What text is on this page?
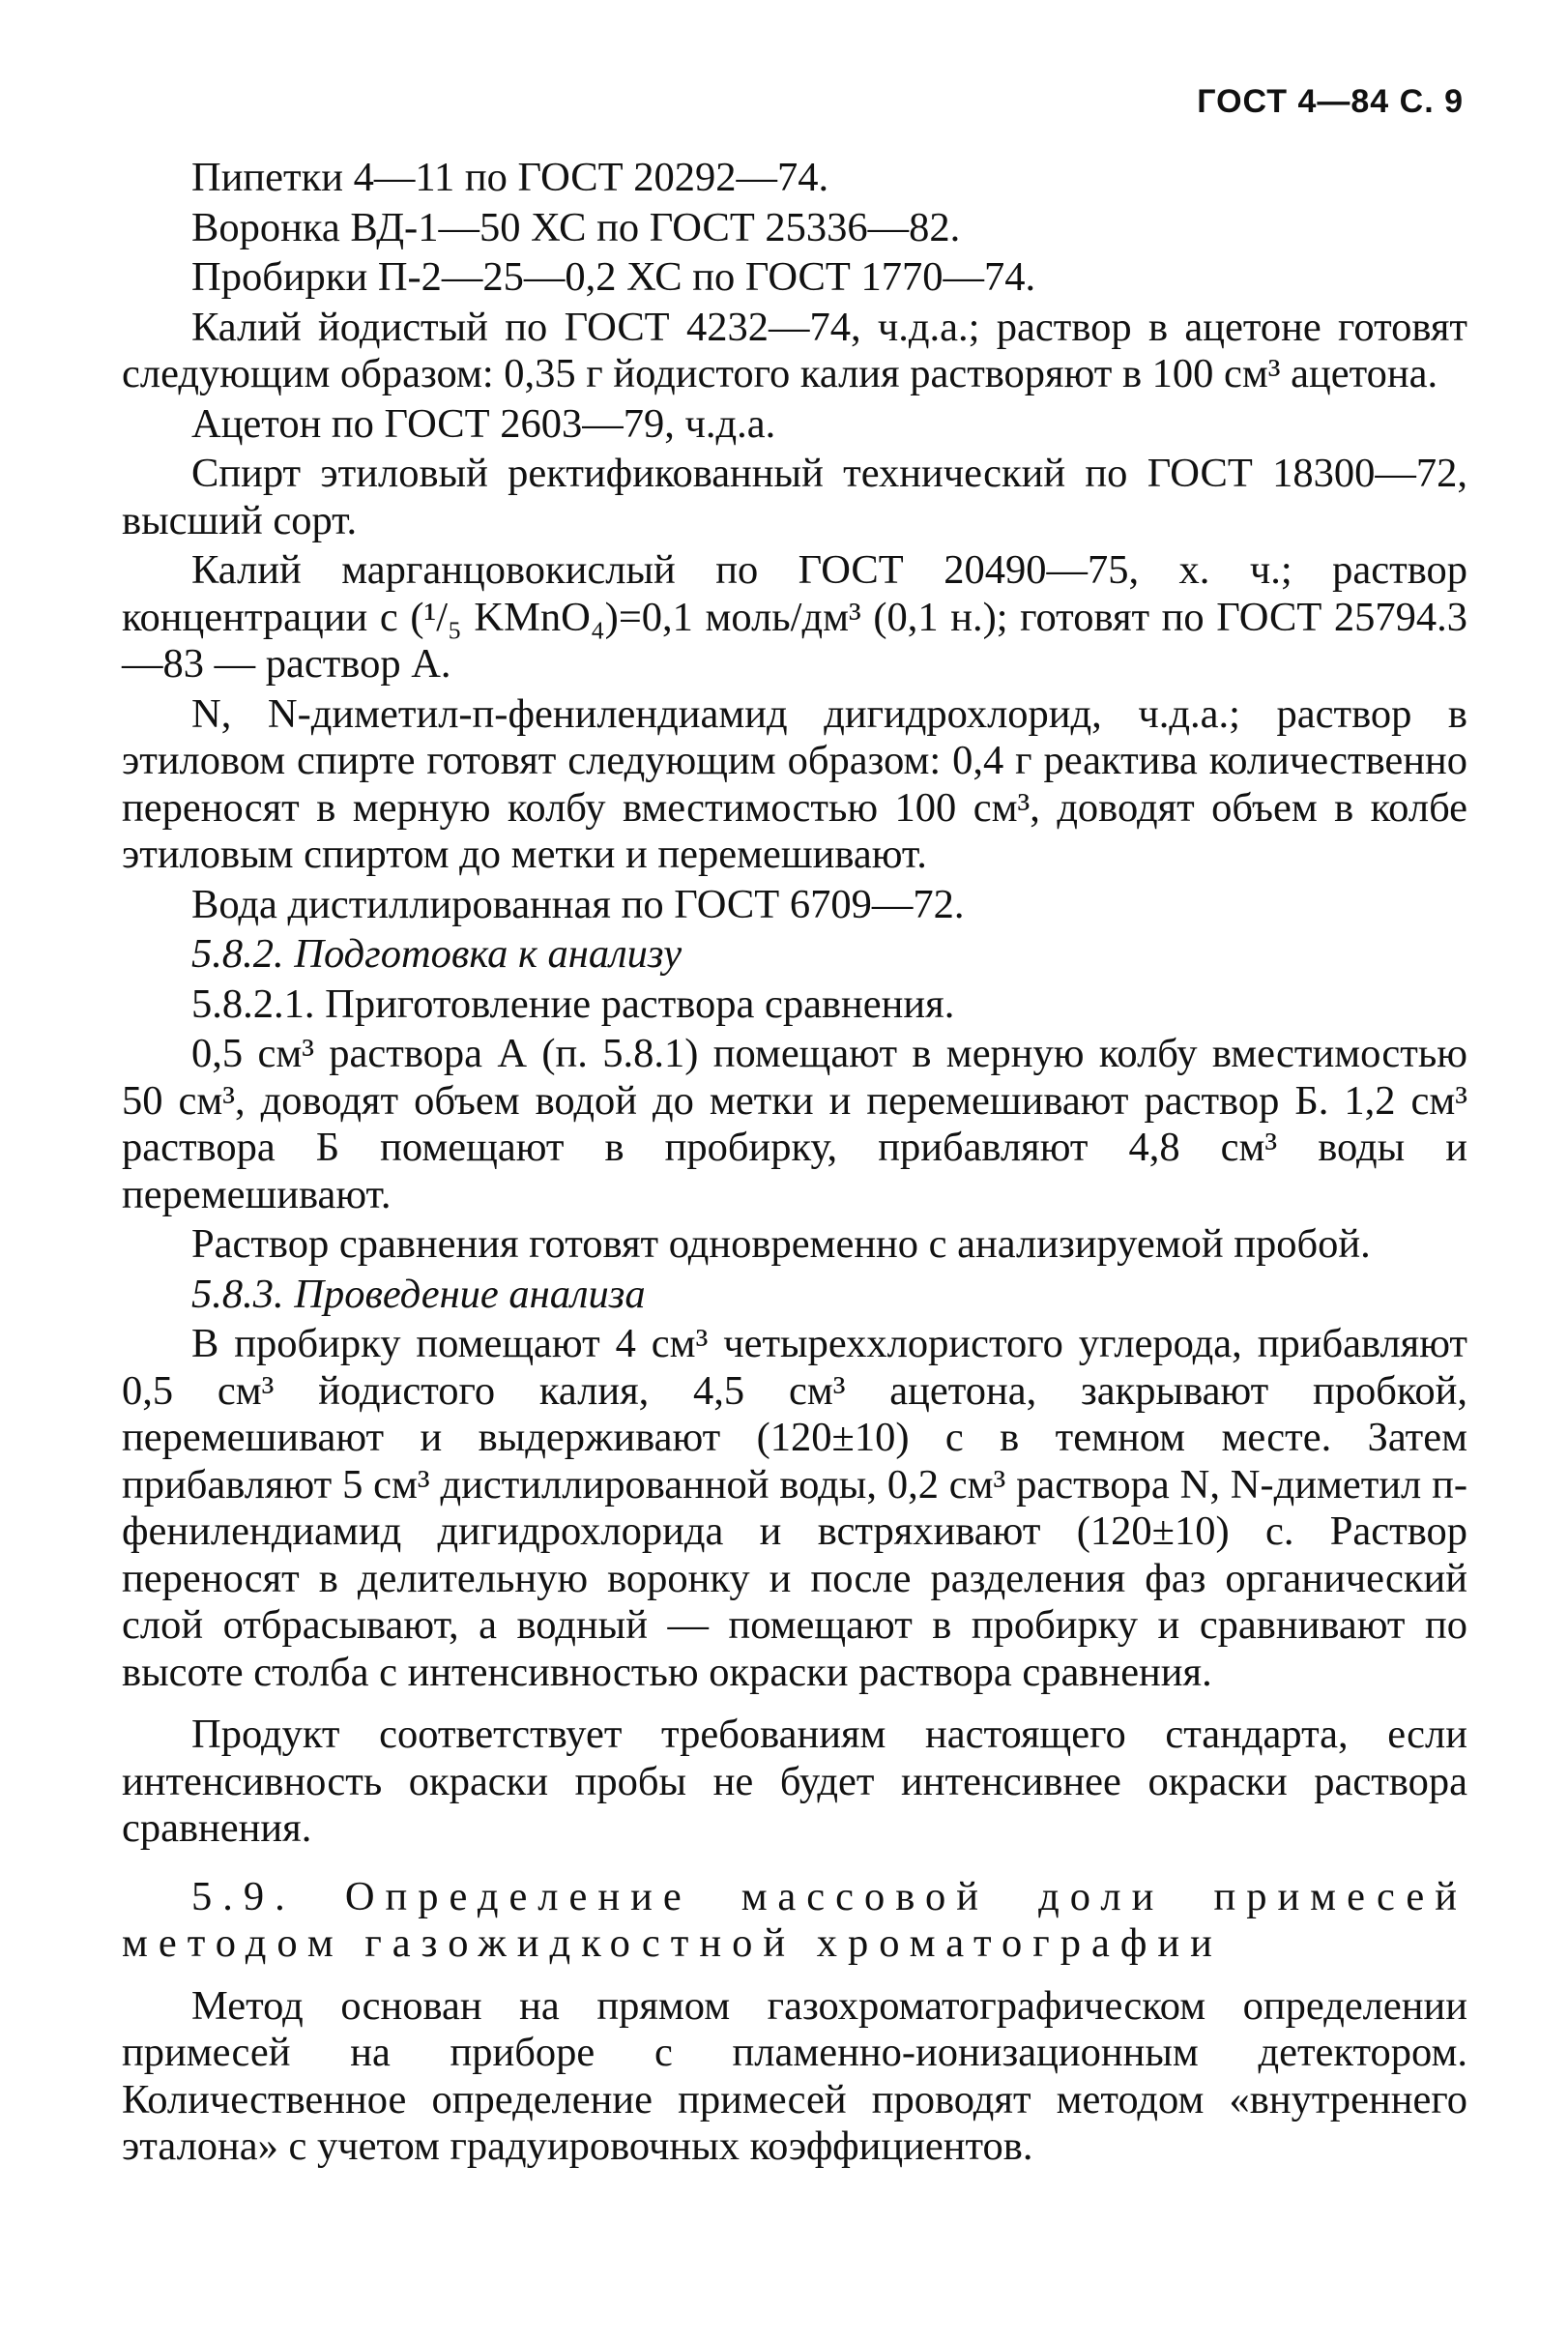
ГОСТ 4—84 С. 9

Пипетки 4—11 по ГОСТ 20292—74.

Воронка ВД-1—50 ХС по ГОСТ 25336—82.

Пробирки П-2—25—0,2 ХС по ГОСТ 1770—74.

Калий йодистый по ГОСТ 4232—74, ч.д.а.; раствор в ацетоне готовят следующим образом: 0,35 г йодистого калия растворяют в 100 см³ ацетона.

Ацетон по ГОСТ 2603—79, ч.д.а.

Спирт этиловый ректификованный технический по ГОСТ 18300—72, высший сорт.

Калий марганцовокислый по ГОСТ 20490—75, х. ч.; раствор концентрации с (¹/₅ KMnO₄)=0,1 моль/дм³ (0,1 н.); готовят по ГОСТ 25794.3—83 — раствор А.

N, N-диметил-п-фенилендиамид дигидрохлорид, ч.д.а.; раствор в этиловом спирте готовят следующим образом: 0,4 г реактива количественно переносят в мерную колбу вместимостью 100 см³, доводят объем в колбе этиловым спиртом до метки и перемешивают.

Вода дистиллированная по ГОСТ 6709—72.

5.8.2. Подготовка к анализу

5.8.2.1. Приготовление раствора сравнения.

0,5 см³ раствора А (п. 5.8.1) помещают в мерную колбу вместимостью 50 см³, доводят объем водой до метки и перемешивают раствор Б. 1,2 см³ раствора Б помещают в пробирку, прибавляют 4,8 см³ воды и перемешивают.

Раствор сравнения готовят одновременно с анализируемой пробой.

5.8.3. Проведение анализа

В пробирку помещают 4 см³ четыреххлористого углерода, прибавляют 0,5 см³ йодистого калия, 4,5 см³ ацетона, закрывают пробкой, перемешивают и выдерживают (120±10) с в темном месте. Затем прибавляют 5 см³ дистиллированной воды, 0,2 см³ раствора N, N-диметил п-фенилендиамид дигидрохлорида и встряхивают (120±10) с. Раствор переносят в делительную воронку и после разделения фаз органический слой отбрасывают, а водный — помещают в пробирку и сравнивают по высоте столба с интенсивностью окраски раствора сравнения.

Продукт соответствует требованиям настоящего стандарта, если интенсивность окраски пробы не будет интенсивнее окраски раствора сравнения.

5.9. Определение массовой доли примесей методом газожидкостной хроматографии

Метод основан на прямом газохроматографическом определении примесей на приборе с пламенно-ионизационным детектором. Количественное определение примесей проводят методом «внутреннего эталона» с учетом градуировочных коэффициентов.
